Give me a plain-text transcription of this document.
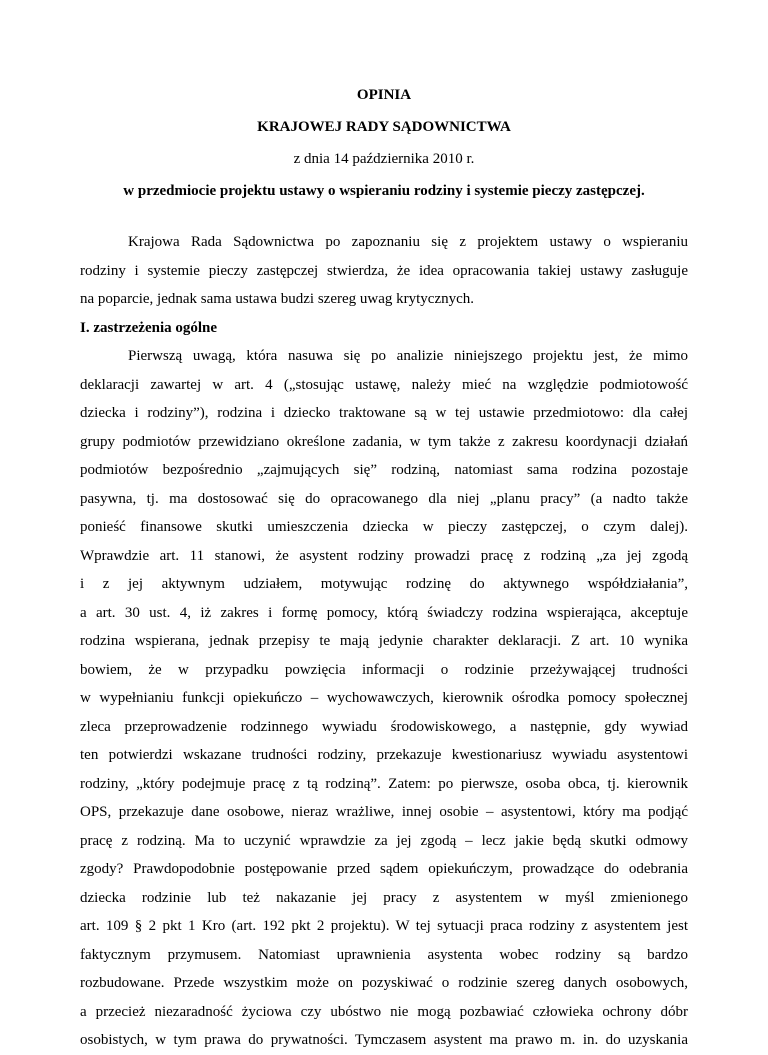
OPINIA

KRAJOWEJ RADY SĄDOWNICTWA

z dnia 14 października 2010 r.

w przedmiocie projektu ustawy o wspieraniu rodziny i systemie pieczy zastępczej.

Krajowa Rada Sądownictwa po zapoznaniu się z projektem ustawy o wspieraniu
rodziny i systemie pieczy zastępczej stwierdza, że idea opracowania takiej ustawy zasługuje
na poparcie, jednak sama ustawa budzi szereg uwag krytycznych.

I. zastrzeżenia ogólne

Pierwszą uwagą, która nasuwa się po analizie niniejszego projektu jest, że mimo
deklaracji zawartej w art. 4 („stosując ustawę, należy mieć na względzie podmiotowość
dziecka i rodziny”), rodzina i dziecko traktowane są w tej ustawie przedmiotowo: dla całej
grupy podmiotów przewidziano określone zadania, w tym także z zakresu koordynacji działań
podmiotów bezpośrednio „zajmujących się” rodziną, natomiast sama rodzina pozostaje
pasywna, tj. ma dostosować się do opracowanego dla niej „planu pracy” (a nadto także
ponieść finansowe skutki umieszczenia dziecka w pieczy zastępczej, o czym dalej).
Wprawdzie art. 11 stanowi, że asystent rodziny prowadzi pracę z rodziną „za jej zgodą
i z jej aktywnym udziałem, motywując rodzinę do aktywnego współdziałania”,
a art. 30 ust. 4, iż zakres i formę pomocy, którą świadczy rodzina wspierająca, akceptuje
rodzina wspierana, jednak przepisy te mają jedynie charakter deklaracji. Z art. 10 wynika
bowiem, że w przypadku powzięcia informacji o rodzinie przeżywającej trudności
w wypełnianiu funkcji opiekuńczo – wychowawczych, kierownik ośrodka pomocy społecznej
zleca przeprowadzenie rodzinnego wywiadu środowiskowego, a następnie, gdy wywiad
ten potwierdzi wskazane trudności rodziny, przekazuje kwestionariusz wywiadu asystentowi
rodziny, „który podejmuje pracę z tą rodziną”. Zatem: po pierwsze, osoba obca, tj. kierownik
OPS, przekazuje dane osobowe, nieraz wrażliwe, innej osobie – asystentowi, który ma podjąć
pracę z rodziną. Ma to uczynić wprawdzie za jej zgodą – lecz jakie będą skutki odmowy
zgody? Prawdopodobnie postępowanie przed sądem opiekuńczym, prowadzące do odebrania
dziecka rodzinie lub też nakazanie jej pracy z asystentem w myśl zmienionego
art. 109 § 2 pkt 1 Kro (art. 192 pkt 2 projektu). W tej sytuacji praca rodziny z asystentem jest
faktycznym przymusem. Natomiast uprawnienia asystenta wobec rodziny są bardzo
rozbudowane. Przede wszystkim może on pozyskiwać o rodzinie szereg danych osobowych,
a przecież niezaradność życiowa czy ubóstwo nie mogą pozbawiać człowieka ochrony dóbr
osobistych, w tym prawa do prywatności. Tymczasem asystent ma prawo m. in. do uzyskania
